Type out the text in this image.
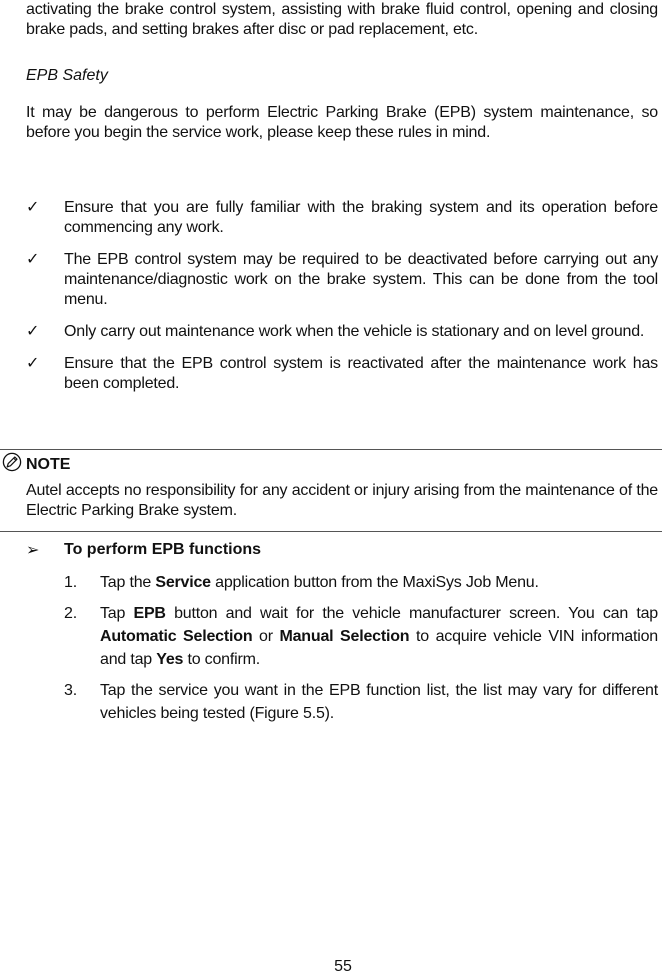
activating the brake control system, assisting with brake fluid control, opening and closing brake pads, and setting brakes after disc or pad replacement, etc.

EPB Safety

It may be dangerous to perform Electric Parking Brake (EPB) system maintenance, so before you begin the service work, please keep these rules in mind.

✓ Ensure that you are fully familiar with the braking system and its operation before commencing any work.
✓ The EPB control system may be required to be deactivated before carrying out any maintenance/diagnostic work on the brake system. This can be done from the tool menu.
✓ Only carry out maintenance work when the vehicle is stationary and on level ground.
✓ Ensure that the EPB control system is reactivated after the maintenance work has been completed.

NOTE

Autel accepts no responsibility for any accident or injury arising from the maintenance of the Electric Parking Brake system.

➢ To perform EPB functions
1. Tap the Service application button from the MaxiSys Job Menu.
2. Tap EPB button and wait for the vehicle manufacturer screen. You can tap Automatic Selection or Manual Selection to acquire vehicle VIN information and tap Yes to confirm.
3. Tap the service you want in the EPB function list, the list may vary for different vehicles being tested (Figure 5.5).

55
